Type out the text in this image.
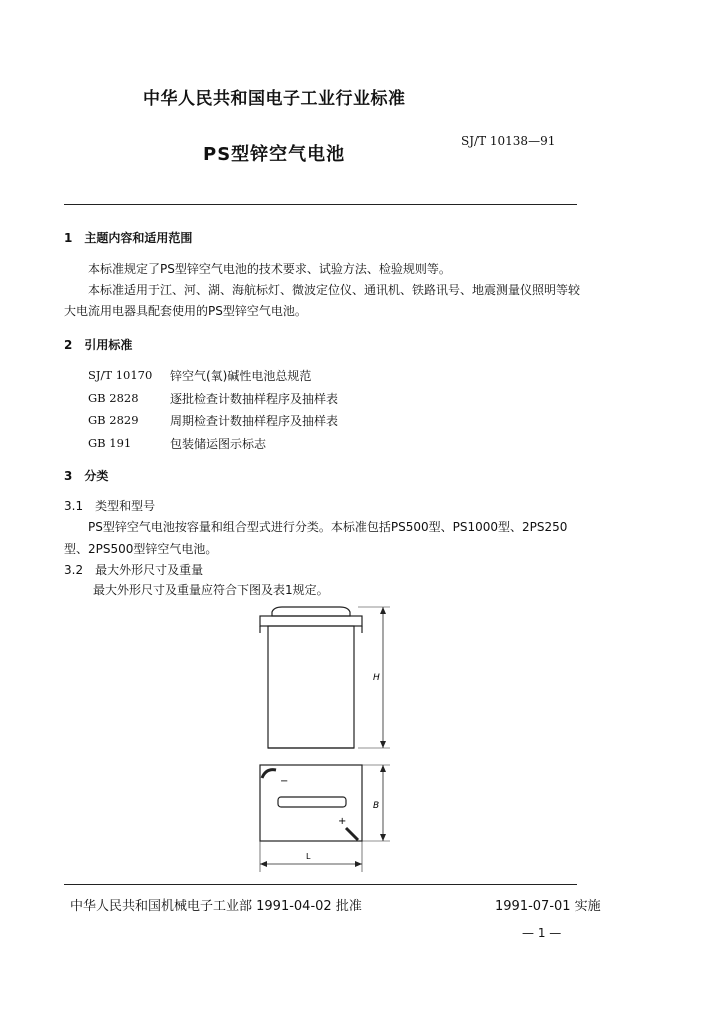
中华人民共和国电子工业行业标准
PS型锌空气电池
SJ/T 10138—91
1　主题内容和适用范围
本标准规定了PS型锌空气电池的技术要求、试验方法、检验规则等。
本标准适用于江、河、湖、海航标灯、微波定位仪、通讯机、铁路讯号、地震测量仪照明等较
大电流用电器具配套使用的PS型锌空气电池。
2　引用标准
SJ/T 10170 锌空气(氧)碱性电池总规范
GB 2828	逐批检查计数抽样程序及抽样表
GB 2829	周期检查计数抽样程序及抽样表
GB 191	包装储运图示标志
3　分类
3.1　类型和型号
PS型锌空气电池按容量和组合型式进行分类。本标准包括PS500型、PS1000型、2PS250
型、2PS500型锌空气电池。
3.2　最大外形尺寸及重量
最大外形尺寸及重量应符合下图及表1规定。
H
B
L
−
+
中华人民共和国机械电子工业部 1991-04-02 批准	1991-07-01 实施
— 1 —
